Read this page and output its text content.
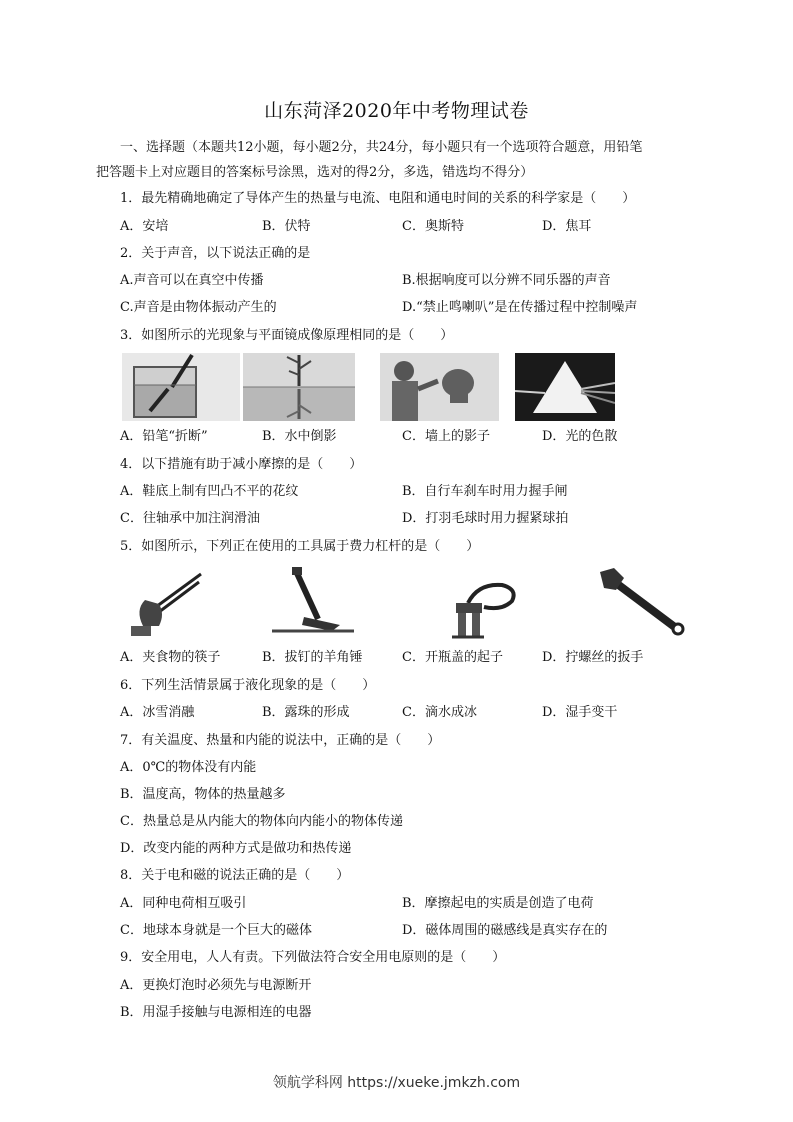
山东菏泽2020年中考物理试卷
一、选择题（本题共12小题，每小题2分，共24分，每小题只有一个选项符合题意，用铅笔
把答题卡上对应题目的答案标号涂黑，选对的得2分，多选，错选均不得分）
1．最先精确地确定了导体产生的热量与电流、电阻和通电时间的关系的科学家是（　　）
A．安培	B．伏特	C．奥斯特	D．焦耳
2．关于声音，以下说法正确的是
A.声音可以在真空中传播	B.根据响度可以分辨不同乐器的声音
C.声音是由物体振动产生的	D.“禁止鸣喇叭”是在传播过程中控制噪声
3．如图所示的光现象与平面镜成像原理相同的是（　　）
A．铅笔“折断”	B．水中倒影	C．墙上的影子	D．光的色散
4．以下措施有助于减小摩擦的是（　　）
A．鞋底上制有凹凸不平的花纹	B．自行车刹车时用力握手闸
C．往轴承中加注润滑油	D．打羽毛球时用力握紧球拍
5．如图所示，下列正在使用的工具属于费力杠杆的是（　　）
A．夹食物的筷子	B．拔钉的羊角锤	C．开瓶盖的起子	D．拧螺丝的扳手
6．下列生活情景属于液化现象的是（　　）
A．冰雪消融	B．露珠的形成	C．滴水成冰	D．湿手变干
7．有关温度、热量和内能的说法中，正确的是（　　）
A．0℃的物体没有内能
B．温度高，物体的热量越多
C．热量总是从内能大的物体向内能小的物体传递
D．改变内能的两种方式是做功和热传递
8．关于电和磁的说法正确的是（　　）
A．同种电荷相互吸引	B．摩擦起电的实质是创造了电荷
C．地球本身就是一个巨大的磁体	D．磁体周围的磁感线是真实存在的
9．安全用电，人人有责。下列做法符合安全用电原则的是（　　）
A．更换灯泡时必须先与电源断开
B．用湿手接触与电源相连的电器
领航学科网 https://xueke.jmkzh.com
